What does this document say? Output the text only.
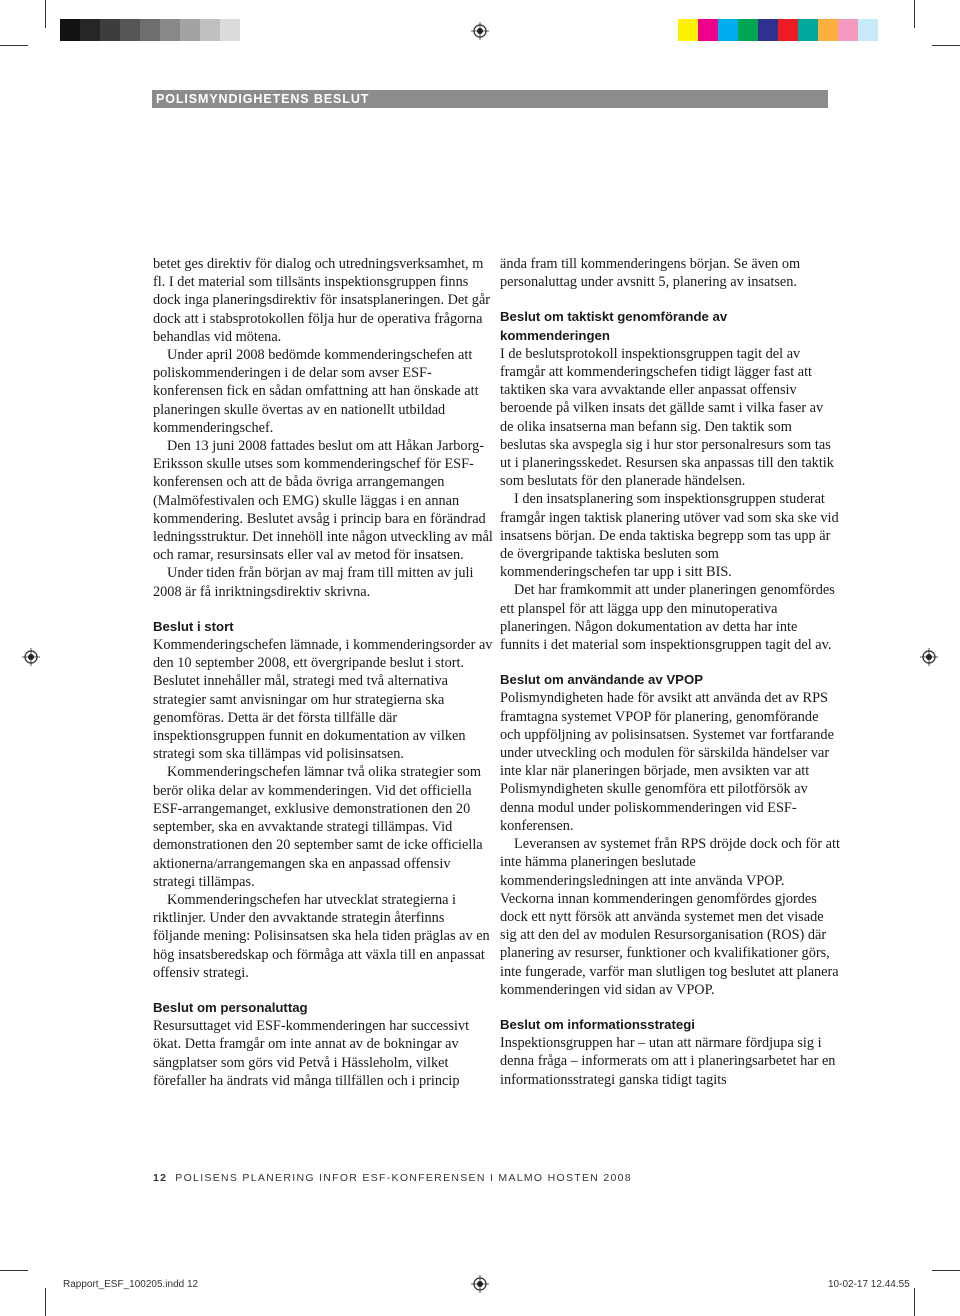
POLISMYNDIGHETENS BESLUT

betet ges direktiv för dialog och utredningsverksamhet, m fl. I det material som tillsänts inspektionsgruppen finns dock inga planeringsdirektiv för insatsplaneringen. Det går dock att i stabsprotokollen följa hur de operativa frågorna behandlas vid mötena.

Under april 2008 bedömde kommenderingschefen att poliskommenderingen i de delar som avser ESF-konferensen fick en sådan omfattning att han önskade att planeringen skulle övertas av en nationellt utbildad kommenderingschef.

Den 13 juni 2008 fattades beslut om att Håkan Jarborg-Eriksson skulle utses som kommenderingschef för ESF-konferensen och att de båda övriga arrangemangen (Malmöfestivalen och EMG) skulle läggas i en annan kommendering. Beslutet avsåg i princip bara en förändrad ledningsstruktur. Det innehöll inte någon utveckling av mål och ramar, resursinsats eller val av metod för insatsen.

Under tiden från början av maj fram till mitten av juli 2008 är få inriktningsdirektiv skrivna.

Beslut i stort

Kommenderingschefen lämnade, i kommenderingsorder av den 10 september 2008, ett övergripande beslut i stort. Beslutet innehåller mål, strategi med två alternativa strategier samt anvisningar om hur strategierna ska genomföras. Detta är det första tillfälle där inspektionsgruppen funnit en dokumentation av vilken strategi som ska tillämpas vid polisinsatsen.

Kommenderingschefen lämnar två olika strategier som berör olika delar av kommenderingen. Vid det officiella ESF-arrangemanget, exklusive demonstrationen den 20 september, ska en avvaktande strategi tillämpas. Vid demonstrationen den 20 september samt de icke officiella aktionerna/arrangemangen ska en anpassad offensiv strategi tillämpas.

Kommenderingschefen har utvecklat strategierna i riktlinjer. Under den avvaktande strategin återfinns följande mening: Polisinsatsen ska hela tiden präglas av en hög insatsberedskap och förmåga att växla till en anpassat offensiv strategi.

Beslut om personaluttag

Resursuttaget vid ESF-kommenderingen har successivt ökat. Detta framgår om inte annat av de bokningar av sängplatser som görs vid Petvå i Hässleholm, vilket förefaller ha ändrats vid många tillfällen och i princip

ända fram till kommenderingens början. Se även om personaluttag under avsnitt 5, planering av insatsen.

Beslut om taktiskt genomförande av kommenderingen

I de beslutsprotokoll inspektionsgruppen tagit del av framgår att kommenderingschefen tidigt lägger fast att taktiken ska vara avvaktande eller anpassat offensiv beroende på vilken insats det gällde samt i vilka faser av de olika insatserna man befann sig. Den taktik som beslutas ska avspegla sig i hur stor personalresurs som tas ut i planeringsskedet. Resursen ska anpassas till den taktik som beslutats för den planerade händelsen.

I den insatsplanering som inspektionsgruppen studerat framgår ingen taktisk planering utöver vad som ska ske vid insatsens början. De enda taktiska begrepp som tas upp är de övergripande taktiska besluten som kommenderingschefen tar upp i sitt BIS.

Det har framkommit att under planeringen genomfördes ett planspel för att lägga upp den minutoperativa planeringen. Någon dokumentation av detta har inte funnits i det material som inspektionsgruppen tagit del av.

Beslut om användande av VPOP

Polismyndigheten hade för avsikt att använda det av RPS framtagna systemet VPOP för planering, genomförande och uppföljning av polisinsatsen. Systemet var fortfarande under utveckling och modulen för särskilda händelser var inte klar när planeringen började, men avsikten var att Polismyndigheten skulle genomföra ett pilotförsök av denna modul under poliskommenderingen vid ESF-konferensen.

Leveransen av systemet från RPS dröjde dock och för att inte hämma planeringen beslutade kommenderingsledningen att inte använda VPOP. Veckorna innan kommenderingen genomfördes gjordes dock ett nytt försök att använda systemet men det visade sig att den del av modulen Resursorganisation (ROS) där planering av resurser, funktioner och kvalifikationer görs, inte fungerade, varför man slutligen tog beslutet att planera kommenderingen vid sidan av VPOP.

Beslut om informationsstrategi

Inspektionsgruppen har – utan att närmare fördjupa sig i denna fråga – informerats om att i planeringsarbetet har en informationsstrategi ganska tidigt tagits

12 POLISENS PLANERING INFOR ESF-KONFERENSEN I MALMO HOSTEN 2008
Rapport_ESF_100205.indd 12	10-02-17 12.44.55
